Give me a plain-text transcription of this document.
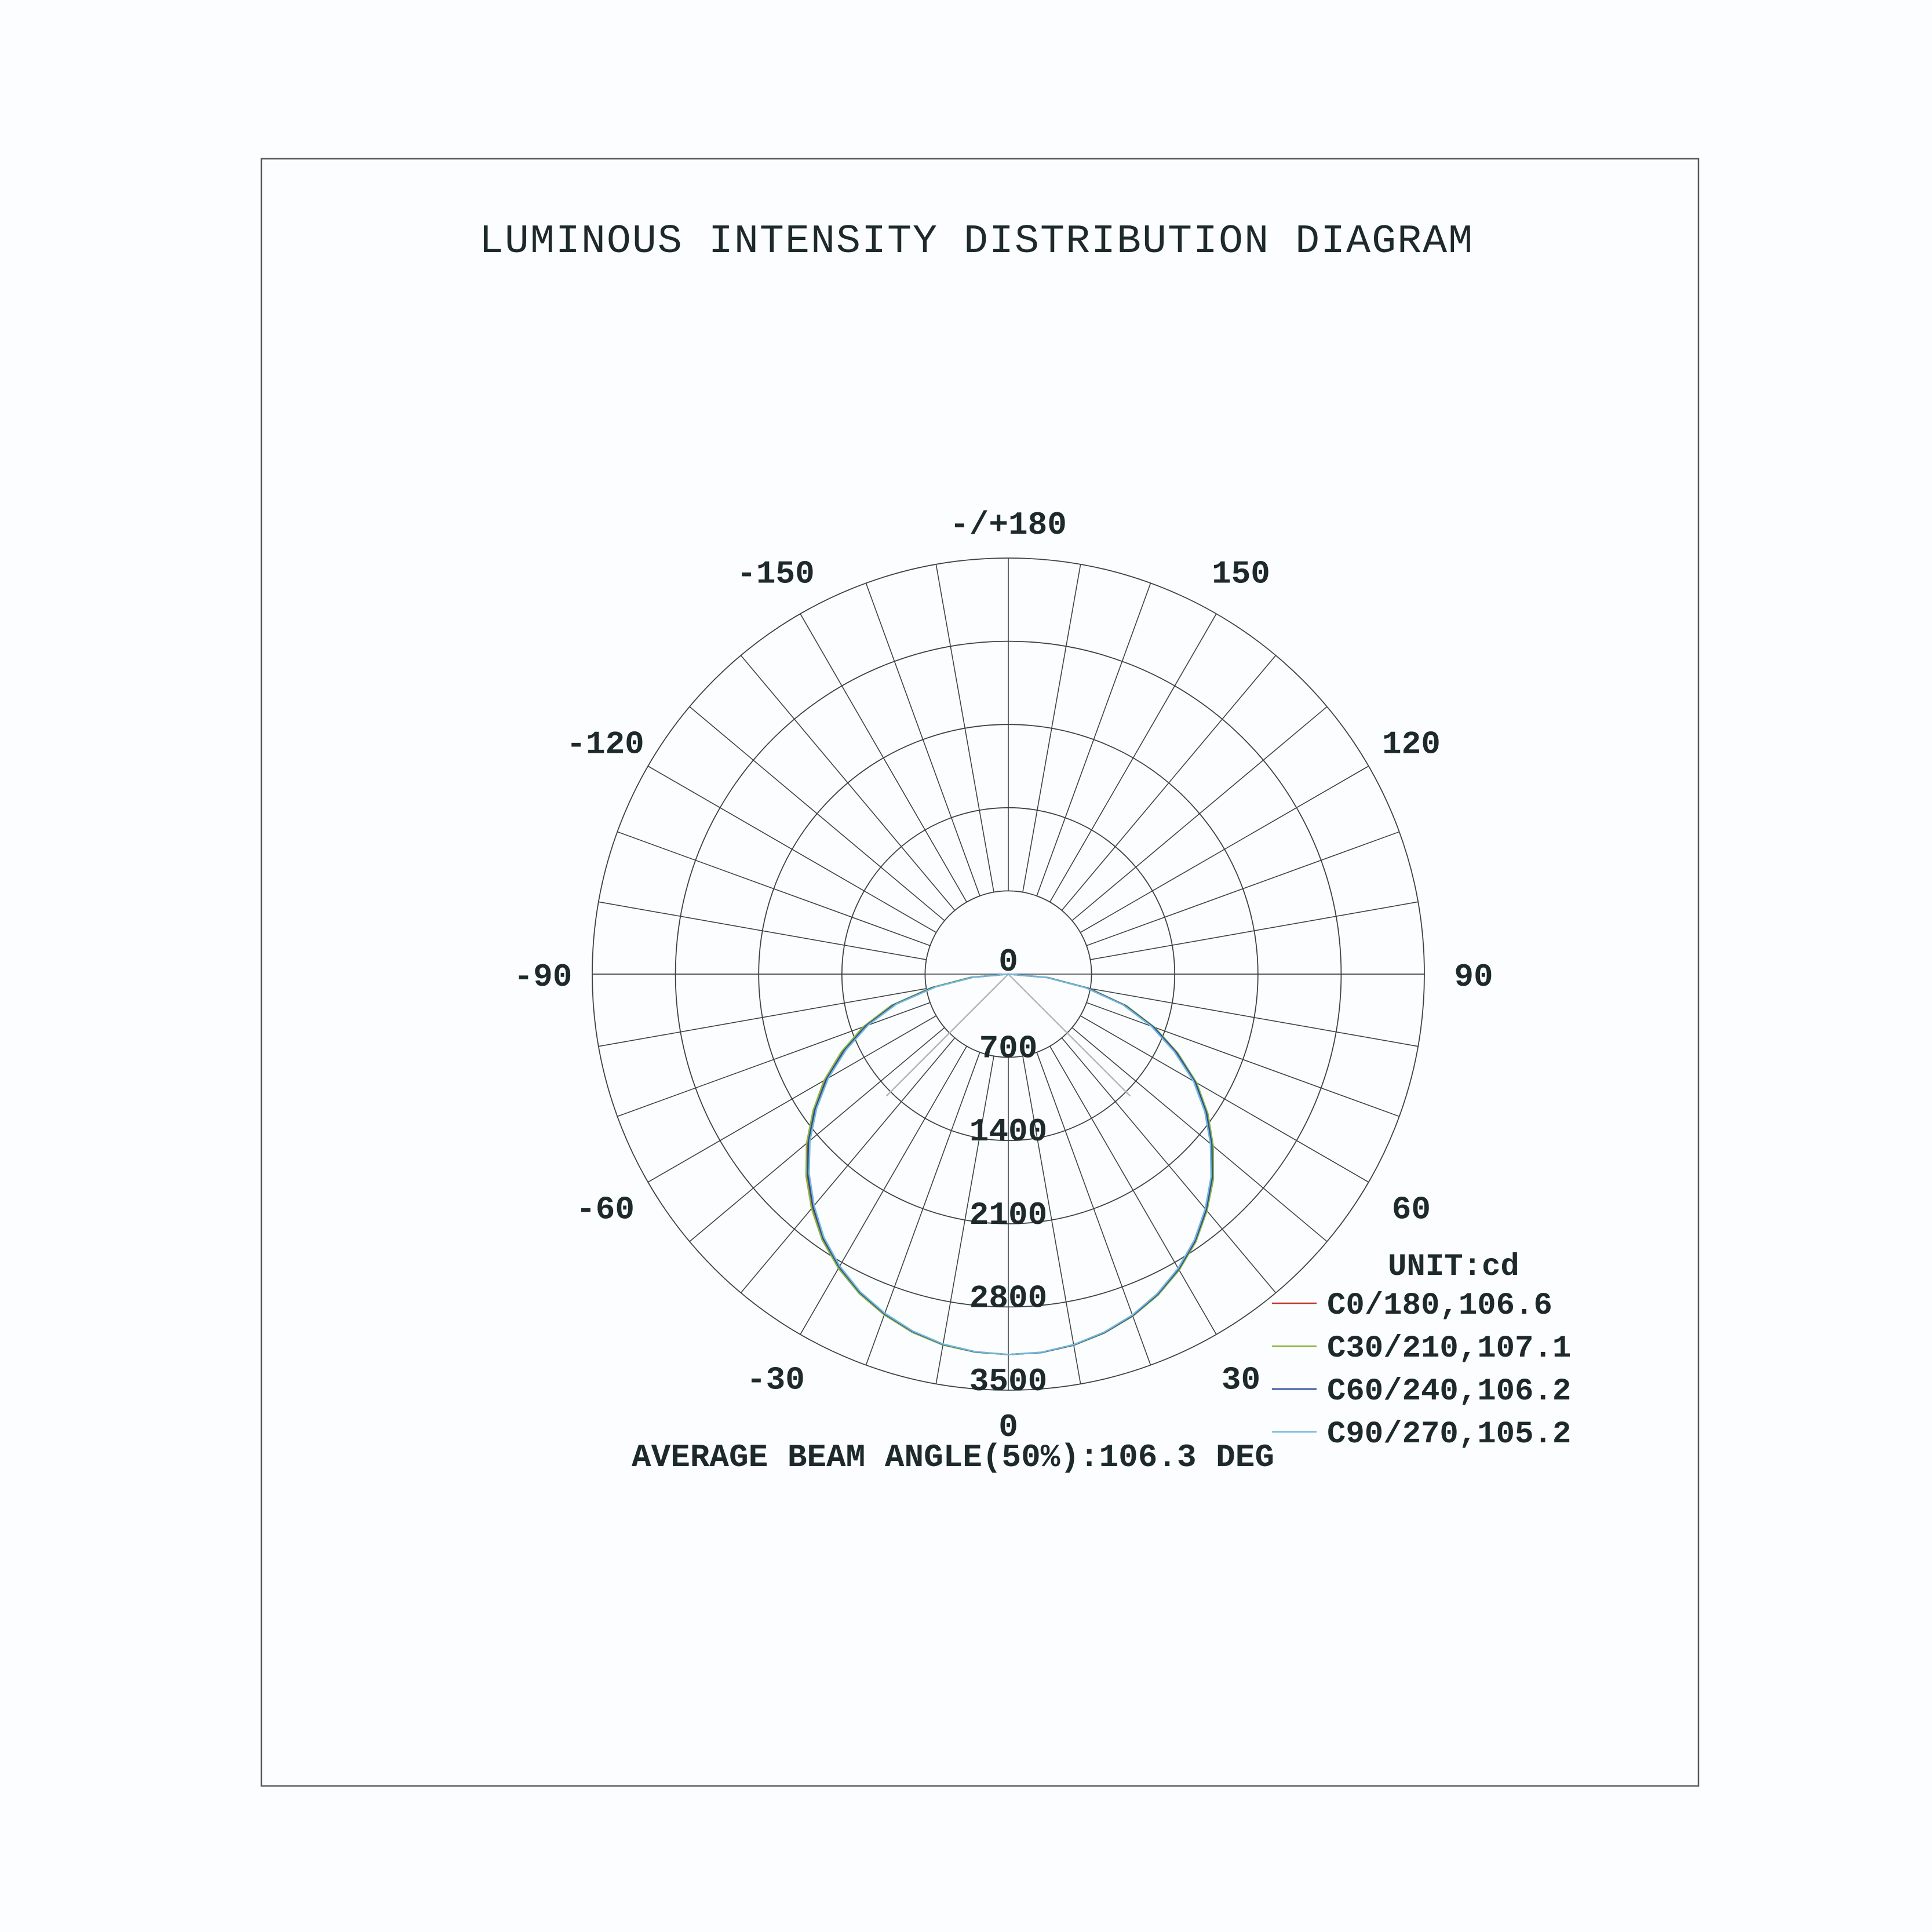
LUMINOUS INTENSITY DISTRIBUTION DIAGRAM
-/+180
-150	150
-120	120
-90	90
-60	60
-30	30
700
1400
2100
2800
3500
0
0
AVERAGE BEAM ANGLE(50%):106.3 DEG
UNIT:cd
C0/180,106.6
C30/210,107.1
C60/240,106.2
C90/270,105.2
